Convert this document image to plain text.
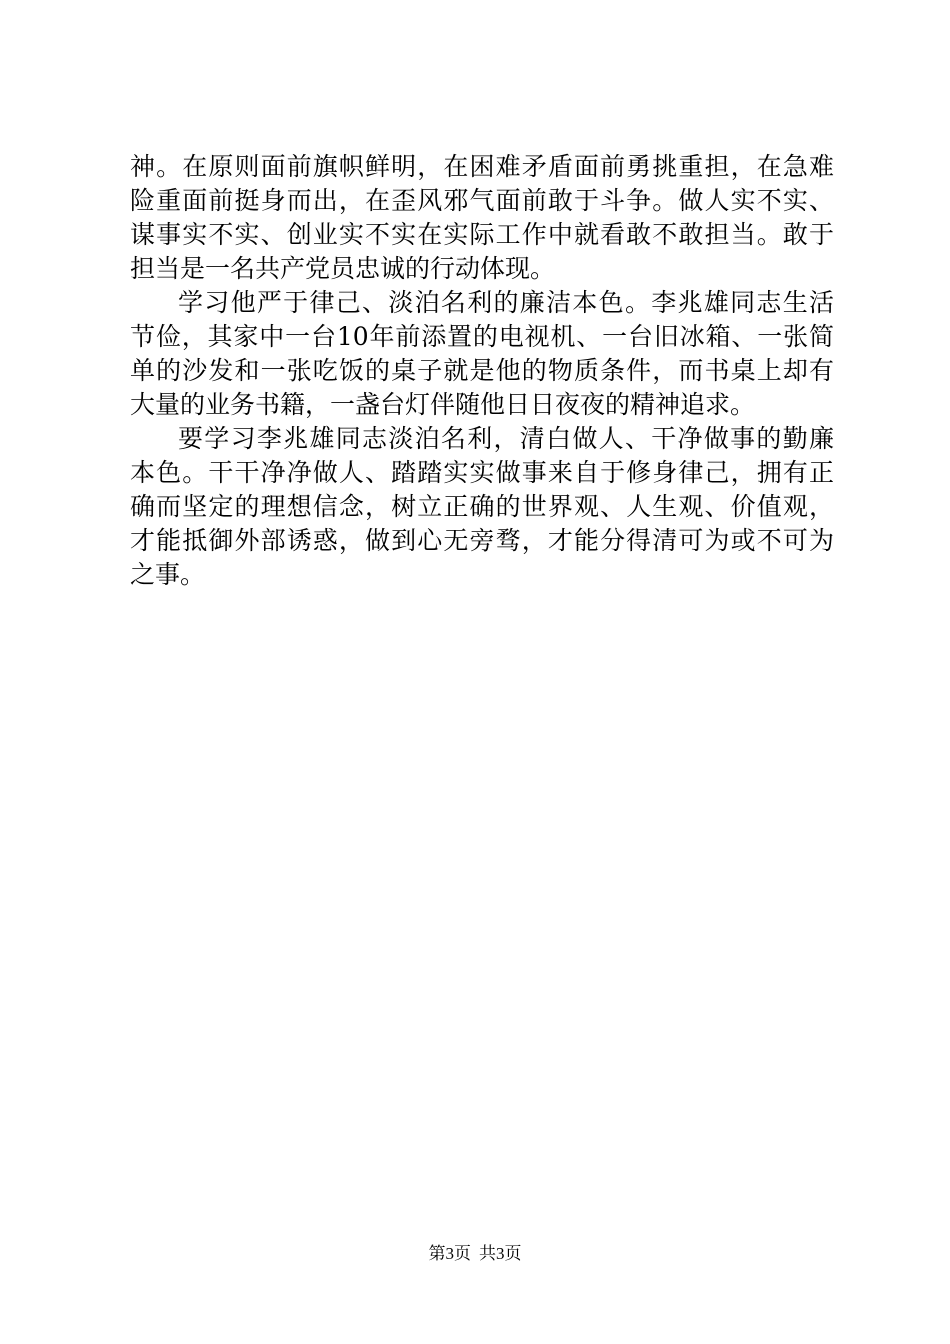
神。在原则面前旗帜鲜明，在困难矛盾面前勇挑重担，在急难
险重面前挺身而出，在歪风邪气面前敢于斗争。做人实不实、
谋事实不实、创业实不实在实际工作中就看敢不敢担当。敢于
担当是一名共产党员忠诚的行动体现。
学习他严于律己、淡泊名利的廉洁本色。李兆雄同志生活
节俭，其家中一台10年前添置的电视机、一台旧冰箱、一张简
单的沙发和一张吃饭的桌子就是他的物质条件，而书桌上却有
大量的业务书籍，一盏台灯伴随他日日夜夜的精神追求。
要学习李兆雄同志淡泊名利，清白做人、干净做事的勤廉
本色。干干净净做人、踏踏实实做事来自于修身律己，拥有正
确而坚定的理想信念，树立正确的世界观、人生观、价值观，
才能抵御外部诱惑，做到心无旁骛，才能分得清可为或不可为
之事。
第3页 共3页
